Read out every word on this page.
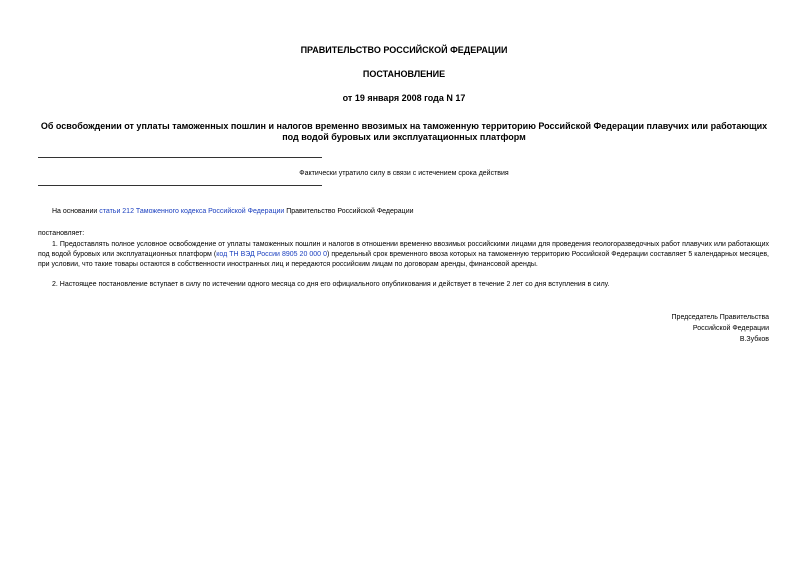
ПРАВИТЕЛЬСТВО РОССИЙСКОЙ ФЕДЕРАЦИИ
ПОСТАНОВЛЕНИЕ
от 19 января 2008 года N 17
Об освобождении от уплаты таможенных пошлин и налогов временно ввозимых на таможенную территорию Российской Федерации плавучих или работающих
под водой буровых или эксплуатационных платформ
Фактически утратило силу в связи с истечением срока действия
На основании статьи 212 Таможенного кодекса Российской Федерации Правительство Российской Федерации
постановляет:
1. Предоставлять полное условное освобождение от уплаты таможенных пошлин и налогов в отношении временно ввозимых российскими лицами для проведения геологоразведочных работ плавучих или работающих под водой буровых или эксплуатационных платформ (код ТН ВЭД России 8905 20 000 0) предельный срок временного ввоза которых на таможенную территорию Российской Федерации составляет 5 календарных месяцев, при условии, что такие товары остаются в собственности иностранных лиц и передаются российским лицам по договорам аренды, финансовой аренды.
2. Настоящее постановление вступает в силу по истечении одного месяца со дня его официального опубликования и действует в течение 2 лет со дня вступления в силу.
Председатель Правительства
Российской Федерации
В.Зубков
